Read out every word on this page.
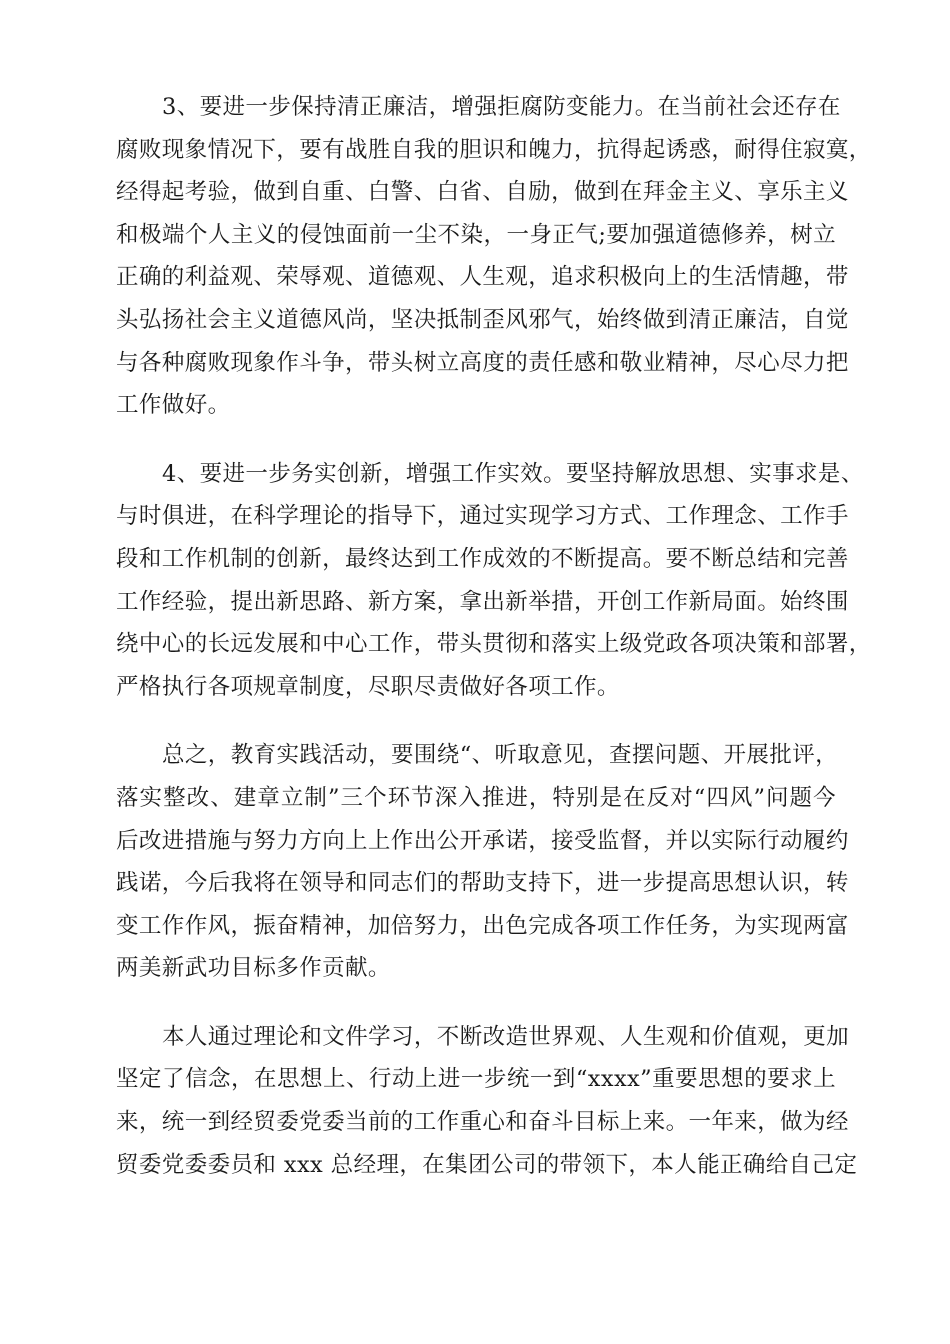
3、要进一步保持清正廉洁，增强拒腐防变能力。在当前社会还存在
腐败现象情况下，要有战胜自我的胆识和魄力，抗得起诱惑，耐得住寂寞，
经得起考验，做到自重、白警、白省、自励，做到在拜金主义、享乐主义
和极端个人主义的侵蚀面前一尘不染，一身正气;要加强道德修养，树立
正确的利益观、荣辱观、道德观、人生观，追求积极向上的生活情趣，带
头弘扬社会主义道德风尚，坚决抵制歪风邪气，始终做到清正廉洁，自觉
与各种腐败现象作斗争，带头树立高度的责任感和敬业精神，尽心尽力把
工作做好。
4、要进一步务实创新，增强工作实效。要坚持解放思想、实事求是、
与时俱进，在科学理论的指导下，通过实现学习方式、工作理念、工作手
段和工作机制的创新，最终达到工作成效的不断提高。要不断总结和完善
工作经验，提出新思路、新方案，拿出新举措，开创工作新局面。始终围
绕中心的长远发展和中心工作，带头贯彻和落实上级党政各项决策和部署，
严格执行各项规章制度，尽职尽责做好各项工作。
总之，教育实践活动，要围绕“、听取意见，查摆问题、开展批评，
落实整改、建章立制”三个环节深入推进，特别是在反对“四风”问题今
后改进措施与努力方向上上作出公开承诺，接受监督，并以实际行动履约
践诺，今后我将在领导和同志们的帮助支持下，进一步提高思想认识，转
变工作作风，振奋精神，加倍努力，出色完成各项工作任务，为实现两富
两美新武功目标多作贡献。
本人通过理论和文件学习，不断改造世界观、人生观和价值观，更加
坚定了信念，在思想上、行动上进一步统一到“xxxx”重要思想的要求上
来，统一到经贸委党委当前的工作重心和奋斗目标上来。一年来，做为经
贸委党委委员和 xxx 总经理，在集团公司的带领下，本人能正确给自己定
